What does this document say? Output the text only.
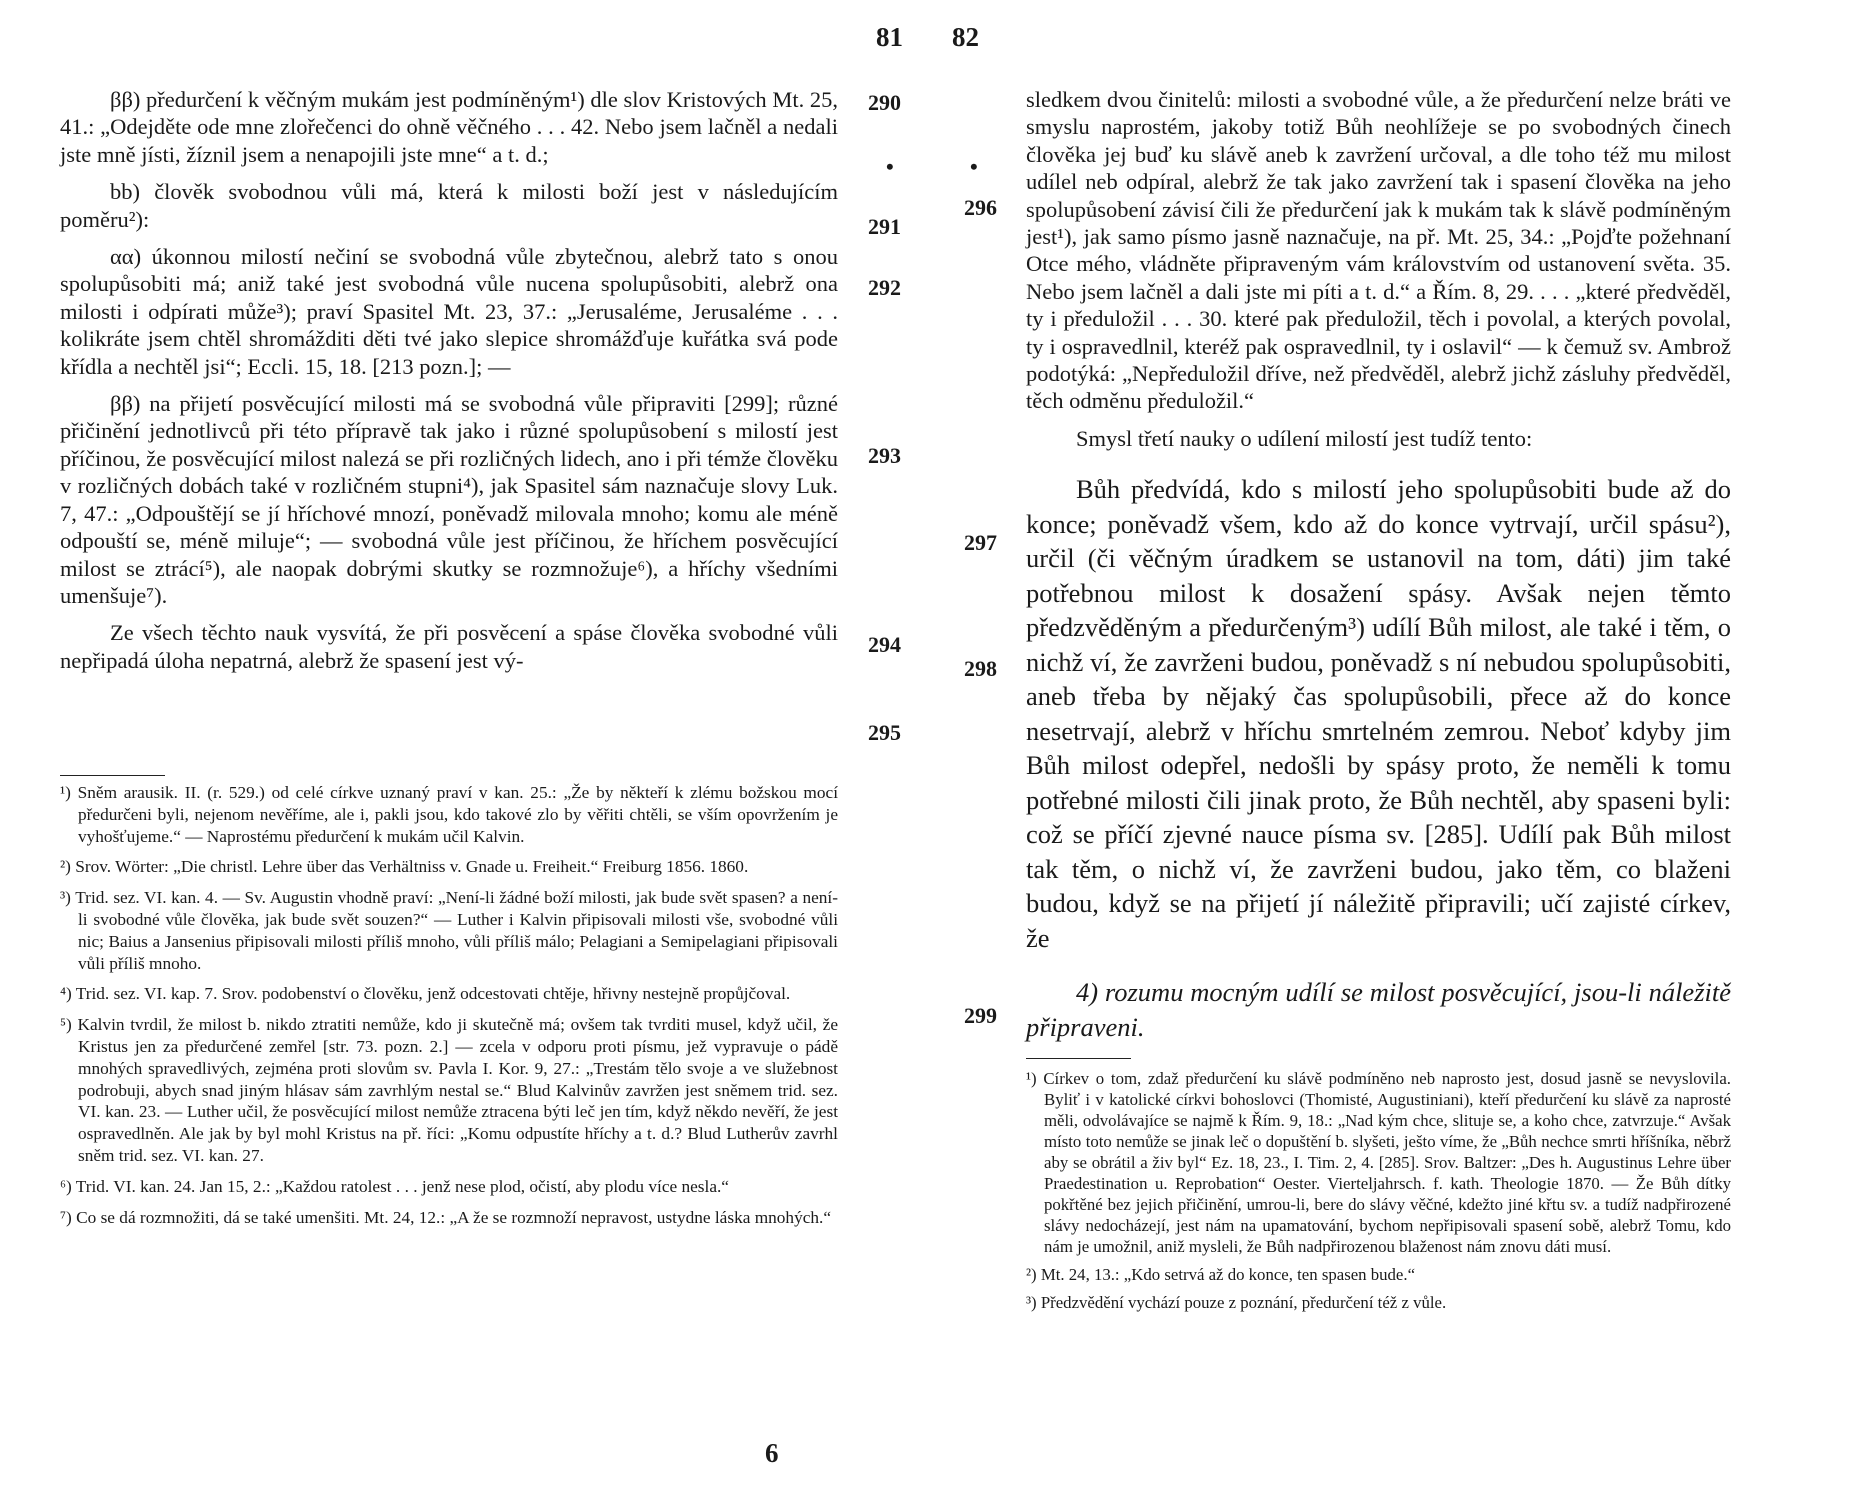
81

ββ) předurčení k věčným mukám jest podmíněným¹) dle slov Kristových Mt. 25, 41.: „Odejděte ode mne zlořečenci do ohně věčného . . . 42. Nebo jsem lačněl a nedali jste mně jísti, žíznil jsem a nenapojili jste mne“ a t. d.;

bb) člověk svobodnou vůli má, která k milosti boží jest v následujícím poměru²):

αα) úkonnou milostí nečiní se svobodná vůle zbytečnou, alebrž tato s onou spolupůsobiti má; aniž také jest svobodná vůle nucena spolupůsobiti, alebrž ona milosti i odpírati může³); praví Spasitel Mt. 23, 37.: „Jerusaléme, Jerusaléme . . . kolikráte jsem chtěl shromážditi děti tvé jako slepice shromážďuje kuřátka svá pode křídla a nechtěl jsi“; Eccli. 15, 18. [213 pozn.]; —

ββ) na přijetí posvěcující milosti má se svobodná vůle připraviti [299]; různé přičinění jednotlivců při této přípravě tak jako i různé spolupůsobení s milostí jest příčinou, že posvěcující milost nalezá se při rozličných lidech, ano i při témže člověku v rozličných dobách také v rozličném stupni⁴), jak Spasitel sám naznačuje slovy Luk. 7, 47.: „Odpouštějí se jí hříchové mnozí, poněvadž milovala mnoho; komu ale méně odpouští se, méně miluje“; — svobodná vůle jest příčinou, že hříchem posvěcující milost se ztrácí⁵), ale naopak dobrými skutky se rozmnožuje⁶), a hříchy všedními umenšuje⁷).

Ze všech těchto nauk vysvítá, že při posvěcení a spáse člověka svobodné vůli nepřipadá úloha nepatrná, alebrž že spasení jest vý-

290
•
291
292
293
294
295

¹) Sněm arausik. II. (r. 529.) od celé církve uznaný praví v kan. 25.: „Že by někteří k zlému božskou mocí předurčeni byli, nejenom nevěříme, ale i, pakli jsou, kdo takové zlo by věřiti chtěli, se vším opovržením je vyhošťujeme.“ — Naprostému předurčení k mukám učil Kalvin.

²) Srov. Wörter: „Die christl. Lehre über das Verhältniss v. Gnade u. Freiheit.“ Freiburg 1856. 1860.

³) Trid. sez. VI. kan. 4. — Sv. Augustin vhodně praví: „Není-li žádné boží milosti, jak bude svět spasen? a není-li svobodné vůle člověka, jak bude svět souzen?“ — Luther i Kalvin připisovali milosti vše, svobodné vůli nic; Baius a Jansenius připisovali milosti příliš mnoho, vůli příliš málo; Pelagiani a Semipelagiani připisovali vůli příliš mnoho.

⁴) Trid. sez. VI. kap. 7. Srov. podobenství o člověku, jenž odcestovati chtěje, hřivny nestejně propůjčoval.

⁵) Kalvin tvrdil, že milost b. nikdo ztratiti nemůže, kdo ji skutečně má; ovšem tak tvrditi musel, když učil, že Kristus jen za předurčené zemřel [str. 73. pozn. 2.] — zcela v odporu proti písmu, jež vypravuje o pádě mnohých spravedlivých, zejména proti slovům sv. Pavla I. Kor. 9, 27.: „Trestám tělo svoje a ve služebnost podrobuji, abych snad jiným hlásav sám zavrhlým nestal se.“ Blud Kalvinův zavržen jest sněmem trid. sez. VI. kan. 23. — Luther učil, že posvěcující milost nemůže ztracena býti leč jen tím, když někdo nevěří, že jest ospravedlněn. Ale jak by byl mohl Kristus na př. říci: „Komu odpustíte hříchy a t. d.? Blud Lutherův zavrhl sněm trid. sez. VI. kan. 27.

⁶) Trid. VI. kan. 24. Jan 15, 2.: „Každou ratolest . . . jenž nese plod, očistí, aby plodu více nesla.“

⁷) Co se dá rozmnožiti, dá se také umenšiti. Mt. 24, 12.: „A že se rozmnoží nepravost, ustydne láska mnohých.“

6
82

sledkem dvou činitelů: milosti a svobodné vůle, a že předurčení nelze bráti ve smyslu naprostém, jakoby totiž Bůh neohlížeje se po svobodných činech člověka jej buď ku slávě aneb k zavržení určoval, a dle toho též mu milost udílel neb odpíral, alebrž že tak jako zavržení tak i spasení člověka na jeho spolupůsobení závisí čili že předurčení jak k mukám tak k slávě podmíněným jest¹), jak samo písmo jasně naznačuje, na př. Mt. 25, 34.: „Pojďte požehnaní Otce mého, vládněte připraveným vám královstvím od ustanovení světa. 35. Nebo jsem lačněl a dali jste mi píti a t. d.“ a Řím. 8, 29. . . . „které předvěděl, ty i předuložil . . . 30. které pak předuložil, těch i povolal, a kterých povolal, ty i ospravedlnil, kteréž pak ospravedlnil, ty i oslavil“ — k čemuž sv. Ambrož podotýká: „Nepředuložil dříve, než předvěděl, alebrž jichž zásluhy předvěděl, těch odměnu předuložil.“

Smysl třetí nauky o udílení milostí jest tudíž tento:

Bůh předvídá, kdo s milostí jeho spolupůsobiti bude až do konce; poněvadž všem, kdo až do konce vytrvají, určil spásu²), určil (či věčným úradkem se ustanovil na tom, dáti) jim také potřebnou milost k dosažení spásy. Avšak nejen těmto předzvěděným a předurčeným³) udílí Bůh milost, ale také i těm, o nichž ví, že zavrženi budou, poněvadž s ní nebudou spolupůsobiti, aneb třeba by nějaký čas spolupůsobili, přece až do konce nesetrvají, alebrž v hříchu smrtelném zemrou. Neboť kdyby jim Bůh milost odepřel, nedošli by spásy proto, že neměli k tomu potřebné milosti čili jinak proto, že Bůh nechtěl, aby spaseni byli: což se příčí zjevné nauce písma sv. [285]. Udílí pak Bůh milost tak těm, o nichž ví, že zavrženi budou, jako těm, co blaženi budou, když se na přijetí jí náležitě připravili; učí zajisté církev, že

4) rozumu mocným udílí se milost posvěcující, jsou-li náležitě připraveni.

•
296
297
298
299

¹) Církev o tom, zdaž předurčení ku slávě podmíněno neb naprosto jest, dosud jasně se nevyslovila. Byliť i v katolické církvi bohoslovci (Thomisté, Augustiniani), kteří předurčení ku slávě za naprosté měli, odvolávajíce se najmě k Řím. 9, 18.: „Nad kým chce, slituje se, a koho chce, zatvrzuje.“ Avšak místo toto nemůže se jinak leč o dopuštění b. slyšeti, ješto víme, že „Bůh nechce smrti hříšníka, něbrž aby se obrátil a živ byl“ Ez. 18, 23., I. Tim. 2, 4. [285]. Srov. Baltzer: „Des h. Augustinus Lehre über Praedestination u. Reprobation“ Oester. Vierteljahrsch. f. kath. Theologie 1870. — Že Bůh dítky pokřtěné bez jejich přičinění, umrou-li, bere do slávy věčné, kdežto jiné křtu sv. a tudíž nadpřirozené slávy nedocházejí, jest nám na upamatování, bychom nepřipisovali spasení sobě, alebrž Tomu, kdo nám je umožnil, aniž mysleli, že Bůh nadpřirozenou blaženost nám znovu dáti musí.

²) Mt. 24, 13.: „Kdo setrvá až do konce, ten spasen bude.“

³) Předzvědění vychází pouze z poznání, předurčení též z vůle.
